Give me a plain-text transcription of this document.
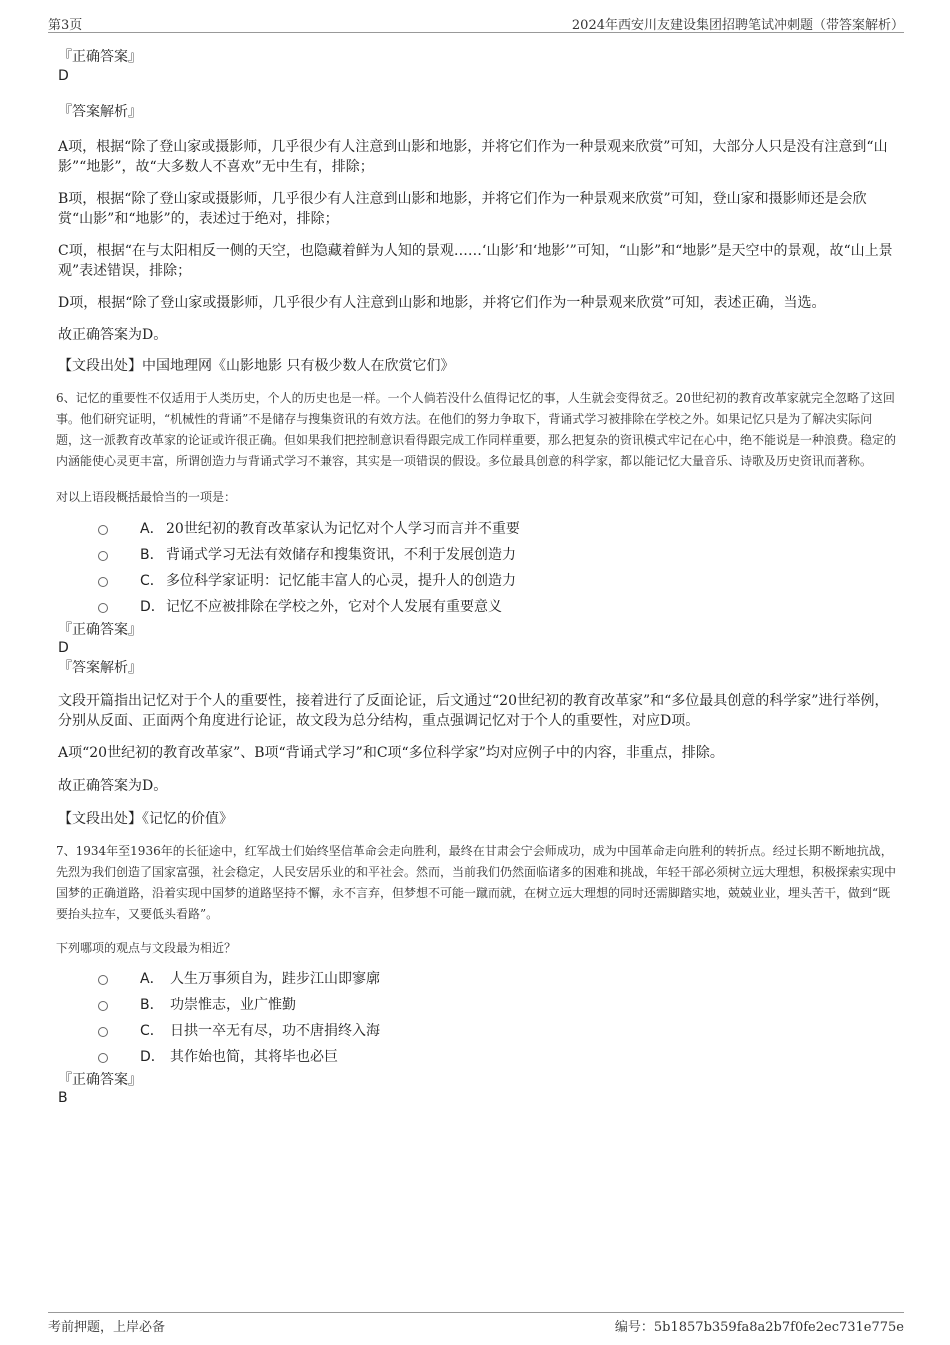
第3页	2024年西安川友建设集团招聘笔试冲刺题（带答案解析）
『正确答案』
D
『答案解析』

A项，根据“除了登山家或摄影师，几乎很少有人注意到山影和地影，并将它们作为一种景观来欣赏”可知，大部分人只是没有注意到“山影”“地影”，故“大多数人不喜欢”无中生有，排除；

B项，根据“除了登山家或摄影师，几乎很少有人注意到山影和地影，并将它们作为一种景观来欣赏”可知，登山家和摄影师还是会欣赏“山影”和“地影”的，表述过于绝对，排除；

C项，根据“在与太阳相反一侧的天空，也隐藏着鲜为人知的景观……‘山影’和‘地影’”可知，“山影”和“地影”是天空中的景观，故“山上景观”表述错误，排除；

D项，根据“除了登山家或摄影师，几乎很少有人注意到山影和地影，并将它们作为一种景观来欣赏”可知，表述正确，当选。

故正确答案为D。

【文段出处】中国地理网《山影地影 只有极少数人在欣赏它们》

6、记忆的重要性不仅适用于人类历史，个人的历史也是一样。一个人倘若没什么值得记忆的事，人生就会变得贫乏。20世纪初的教育改革家就完全忽略了这回事。他们研究证明，“机械性的背诵”不是储存与搜集资讯的有效方法。在他们的努力争取下，背诵式学习被排除在学校之外。如果记忆只是为了解决实际问题，这一派教育改革家的论证或许很正确。但如果我们把控制意识看得跟完成工作同样重要，那么把复杂的资讯模式牢记在心中，绝不能说是一种浪费。稳定的内涵能使心灵更丰富，所谓创造力与背诵式学习不兼容，其实是一项错误的假设。多位最具创意的科学家，都以能记忆大量音乐、诗歌及历史资讯而著称。

对以上语段概括最恰当的一项是：

A． 20世纪初的教育改革家认为记忆对个人学习而言并不重要
B． 背诵式学习无法有效储存和搜集资讯，不利于发展创造力
C． 多位科学家证明：记忆能丰富人的心灵，提升人的创造力
D．记忆不应被排除在学校之外，它对个人发展有重要意义
『正确答案』
D
『答案解析』

文段开篇指出记忆对于个人的重要性，接着进行了反面论证，后文通过“20世纪初的教育改革家”和“多位最具创意的科学家”进行举例，分别从反面、正面两个角度进行论证，故文段为总分结构，重点强调记忆对于个人的重要性，对应D项。

A项“20世纪初的教育改革家”、B项“背诵式学习”和C项“多位科学家”均对应例子中的内容，非重点，排除。

故正确答案为D。

【文段出处】《记忆的价值》

7、1934年至1936年的长征途中，红军战士们始终坚信革命会走向胜利，最终在甘肃会宁会师成功，成为中国革命走向胜利的转折点。经过长期不断地抗战，先烈为我们创造了国家富强，社会稳定，人民安居乐业的和平社会。然而，当前我们仍然面临诸多的困难和挑战，年轻干部必须树立远大理想，积极探索实现中国梦的正确道路，沿着实现中国梦的道路坚持不懈，永不言弃，但梦想不可能一蹴而就，在树立远大理想的同时还需脚踏实地，兢兢业业，埋头苦干，做到“既要抬头拉车，又要低头看路”。

下列哪项的观点与文段最为相近？

A． 人生万事须自为，跬步江山即寥廓
B． 功崇惟志，业广惟勤
C． 日拱一卒无有尽，功不唐捐终入海
D． 其作始也简，其将毕也必巨
『正确答案』
B
考前押题，上岸必备	编号：5b1857b359fa8a2b7f0fe2ec731e775e
